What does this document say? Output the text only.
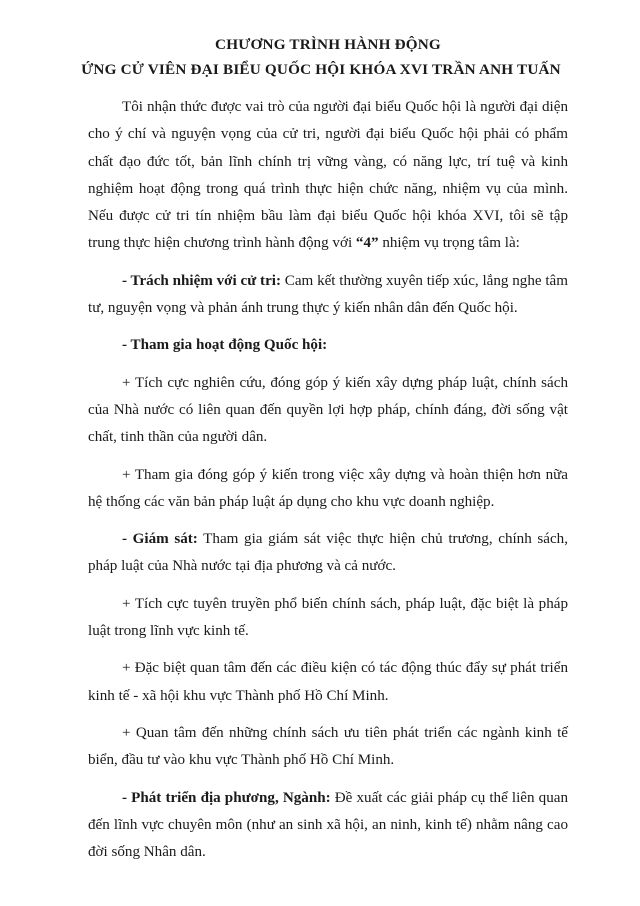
CHƯƠNG TRÌNH HÀNH ĐỘNG
ỨNG CỬ VIÊN ĐẠI BIỂU QUỐC HỘI KHÓA XVI TRẦN ANH TUẤN

Tôi nhận thức được vai trò của người đại biểu Quốc hội là người đại diện cho ý chí và nguyện vọng của cử tri, người đại biểu Quốc hội phải có phẩm chất đạo đức tốt, bản lĩnh chính trị vững vàng, có năng lực, trí tuệ và kinh nghiệm hoạt động trong quá trình thực hiện chức năng, nhiệm vụ của mình. Nếu được cử tri tín nhiệm bầu làm đại biểu Quốc hội khóa XVI, tôi sẽ tập trung thực hiện chương trình hành động với “4” nhiệm vụ trọng tâm là:

- Trách nhiệm với cử tri: Cam kết thường xuyên tiếp xúc, lắng nghe tâm tư, nguyện vọng và phản ánh trung thực ý kiến nhân dân đến Quốc hội.

- Tham gia hoạt động Quốc hội:

+ Tích cực nghiên cứu, đóng góp ý kiến xây dựng pháp luật, chính sách của Nhà nước có liên quan đến quyền lợi hợp pháp, chính đáng, đời sống vật chất, tinh thần của người dân.

+ Tham gia đóng góp ý kiến trong việc xây dựng và hoàn thiện hơn nữa hệ thống các văn bản pháp luật áp dụng cho khu vực doanh nghiệp.

- Giám sát: Tham gia giám sát việc thực hiện chủ trương, chính sách, pháp luật của Nhà nước tại địa phương và cả nước.

+ Tích cực tuyên truyền phổ biến chính sách, pháp luật, đặc biệt là pháp luật trong lĩnh vực kinh tế.

+ Đặc biệt quan tâm đến các điều kiện có tác động thúc đẩy sự phát triển kinh tế - xã hội khu vực Thành phố Hồ Chí Minh.

+ Quan tâm đến những chính sách ưu tiên phát triển các ngành kinh tế biển, đầu tư vào khu vực Thành phố Hồ Chí Minh.

- Phát triển địa phương, Ngành: Đề xuất các giải pháp cụ thể liên quan đến lĩnh vực chuyên môn (như an sinh xã hội, an ninh, kinh tế) nhằm nâng cao đời sống Nhân dân.
